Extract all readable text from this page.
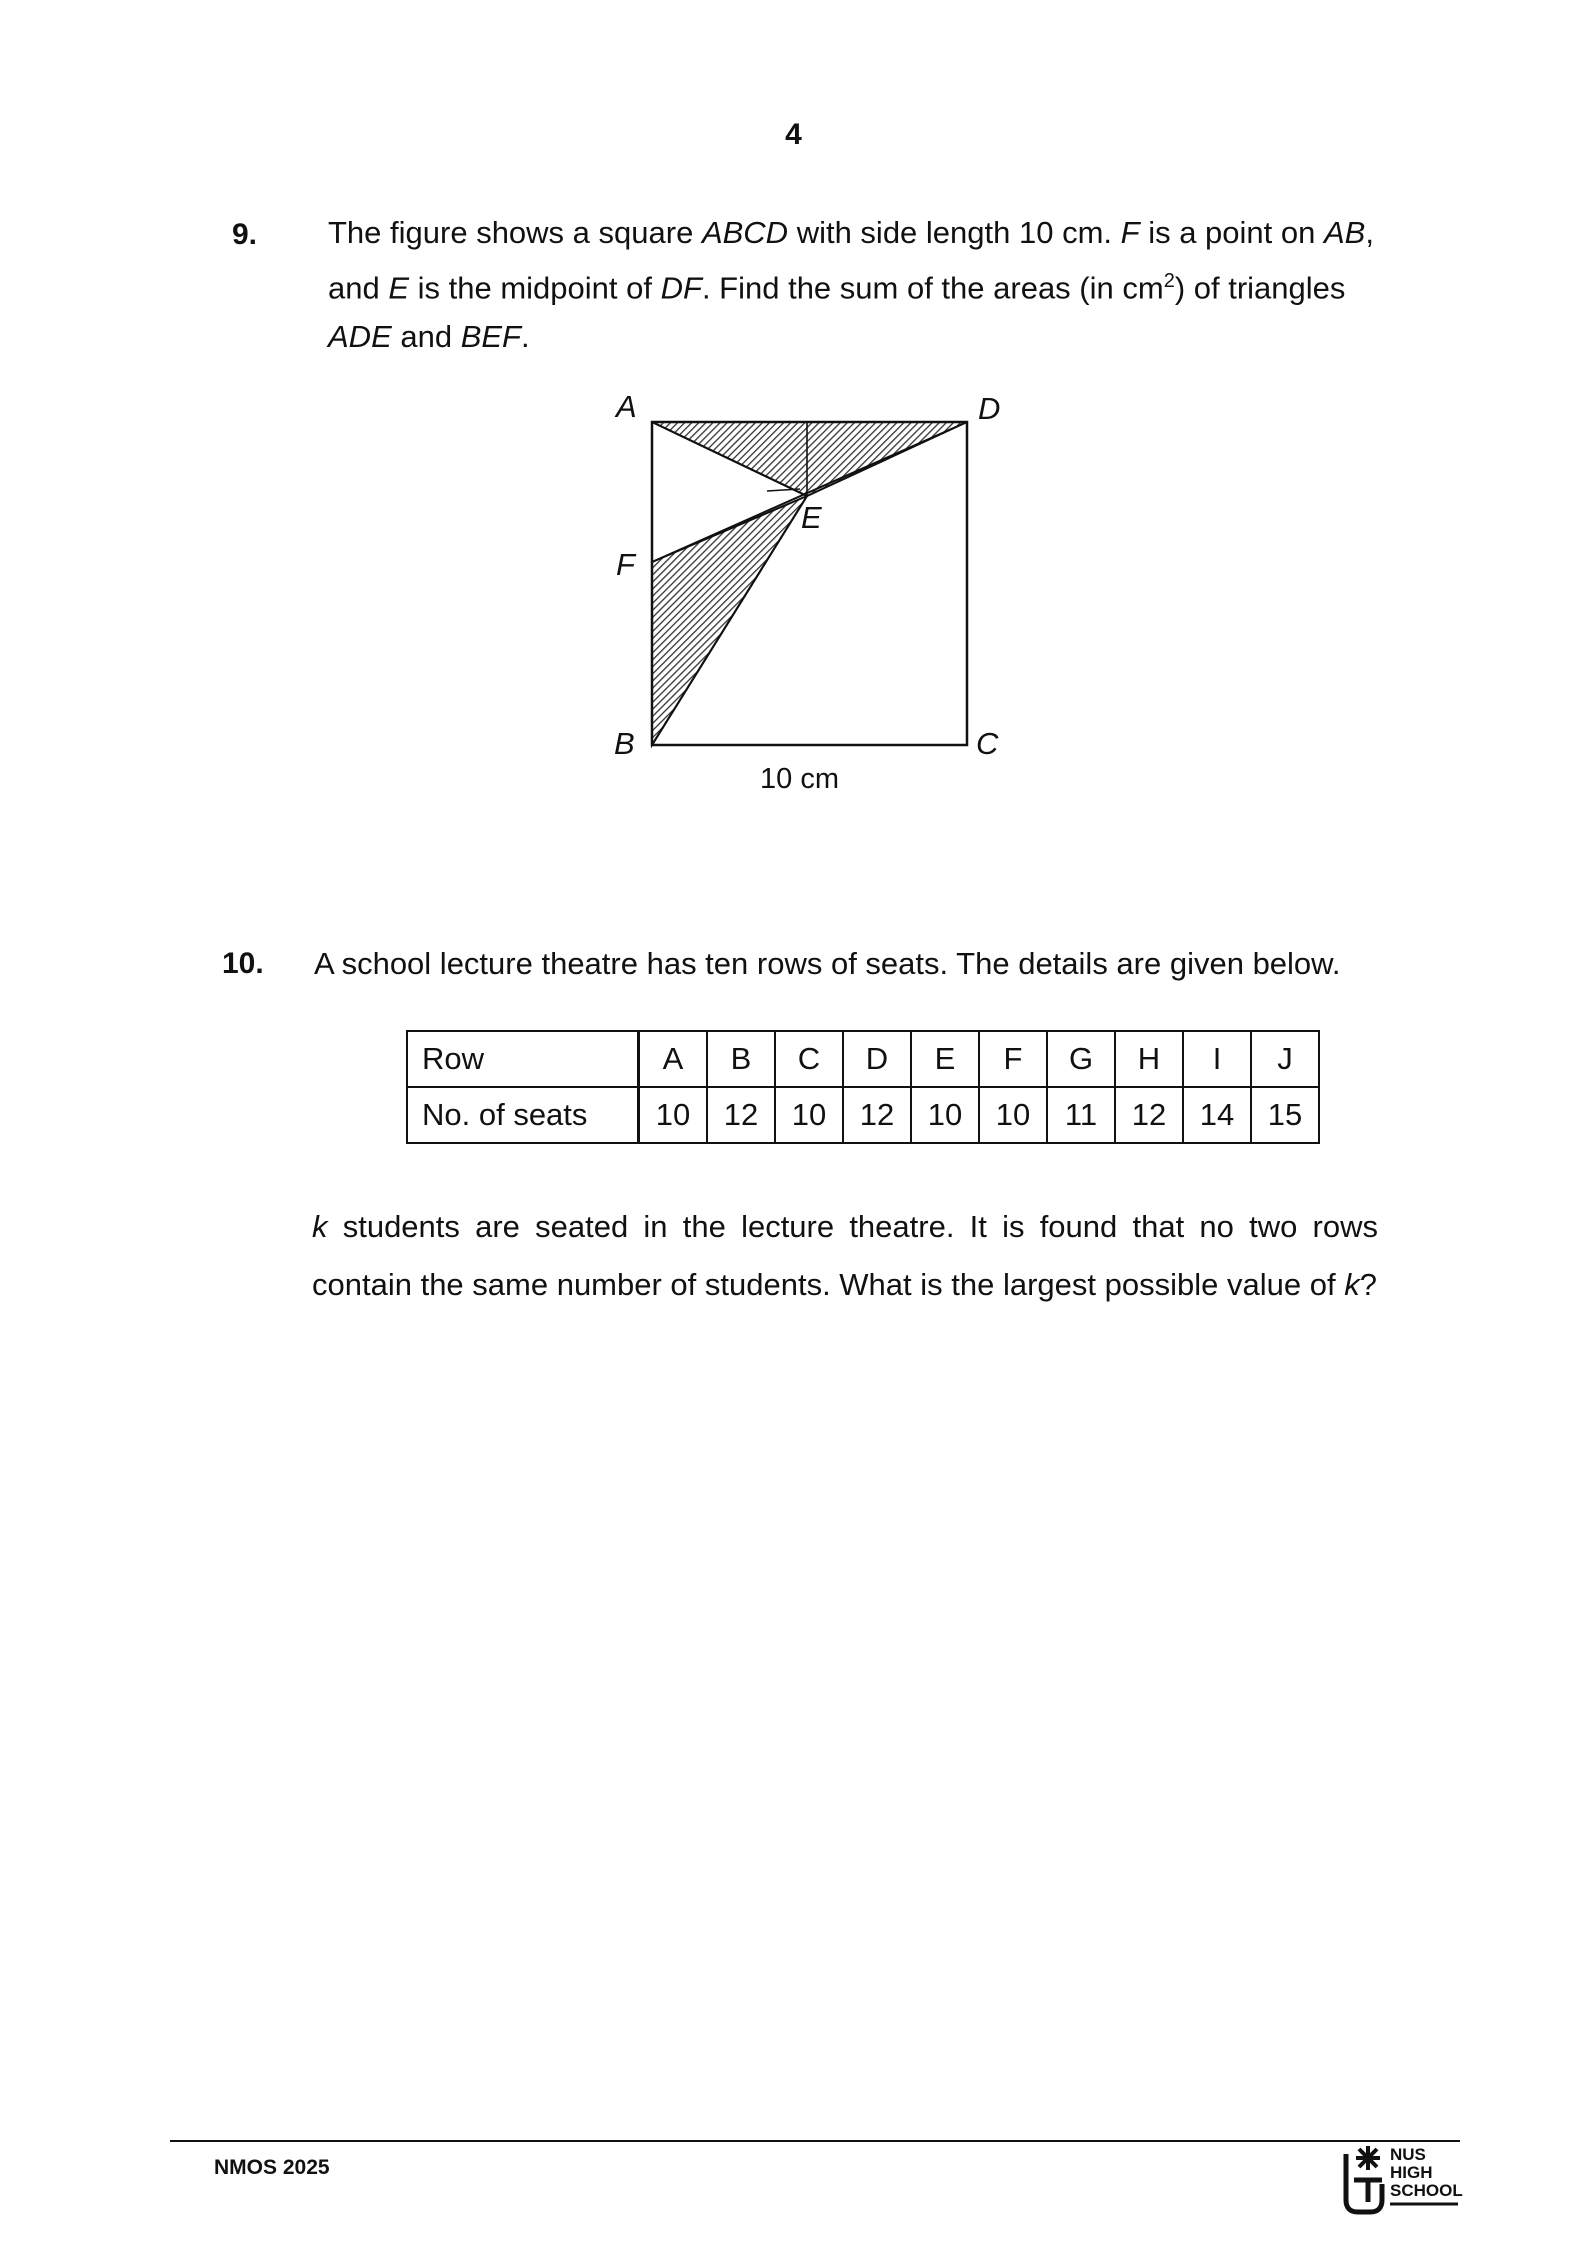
4
9. The figure shows a square ABCD with side length 10 cm. F is a point on AB,
and E is the midpoint of DF. Find the sum of the areas (in $cm^2$) of triangles
ADE and BEF.
A	D
E
F
B	C
10 cm
10. A school lecture theatre has ten rows of seats. The details are given below.
Row	A	B	C	D	E	F	G	H	I	J
No. of seats	10	12	10	12	10	10	11	12	14	15
k students are seated in the lecture theatre. It is found that no two rows contain the same number of students. What is the largest possible value of k?
NMOS 2025
NUS
HIGH
SCHOOL
